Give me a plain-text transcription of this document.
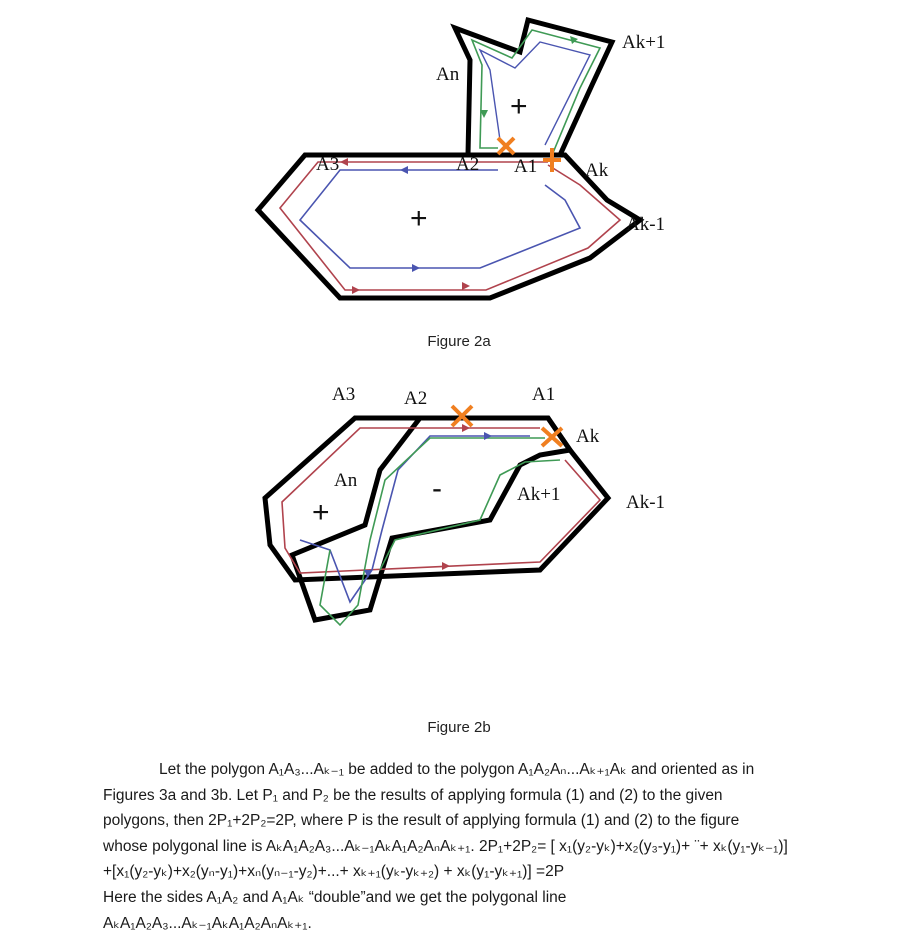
An
A2
A3	A1	Ak
Ak+1
Ak-1
+
+
Figure 2a
A3	A2	A1
Ak
An
Ak+1	Ak-1
+
-
Figure 2b

Let the polygon A₁A₃...Aₖ₋₁ be added to the polygon A₁A₂Aₙ...Aₖ₊₁Aₖ and oriented as in

Figures 3a and 3b. Let P₁ and P₂ be the results of applying formula (1) and (2) to the given

polygons, then 2P₁+2P₂=2P, where P is the result of applying formula (1) and (2) to the figure

whose polygonal line is AₖA₁A₂A₃...Aₖ₋₁AₖA₁A₂AₙAₖ₊₁. 2P₁+2P₂= [ x₁(y₂-yₖ)+x₂(y₃-y₁)+ ¨+ xₖ(y₁-yₖ₋₁)]

+[x₁(y₂-yₖ)+x₂(yₙ-y₁)+xₙ(yₙ₋₁-y₂)+...+ xₖ₊₁(yₖ-yₖ₊₂) + xₖ(y₁-yₖ₊₁)] =2P

Here the sides A₁A₂ and A₁Aₖ “double”and we get the polygonal line

AₖA₁A₂A₃...Aₖ₋₁AₖA₁A₂AₙAₖ₊₁.
